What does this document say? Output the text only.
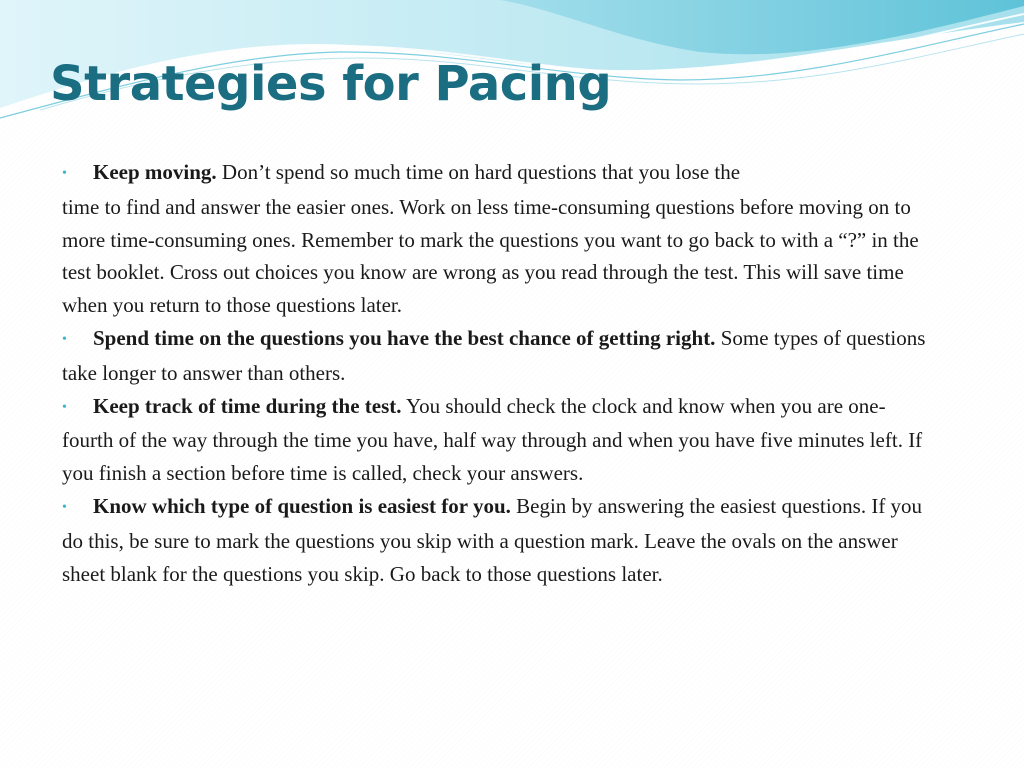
Strategies for Pacing
• Keep moving. Don’t spend so much time on hard questions that you lose the
time to find and answer the easier ones. Work on less time-consuming questions before moving on to more time-consuming ones. Remember to mark the questions you want to go back to with a “?” in the test booklet. Cross out choices you know are wrong as you read through the test. This will save time when you return to those questions later.
• Spend time on the questions you have the best chance of getting right. Some types of questions take longer to answer than others.
• Keep track of time during the test. You should check the clock and know when you are one- fourth of the way through the time you have, half way through and when you have five minutes left. If you finish a section before time is called, check your answers.
• Know which type of question is easiest for you. Begin by answering the easiest questions. If you do this, be sure to mark the questions you skip with a question mark. Leave the ovals on the answer sheet blank for the questions you skip. Go back to those questions later.
